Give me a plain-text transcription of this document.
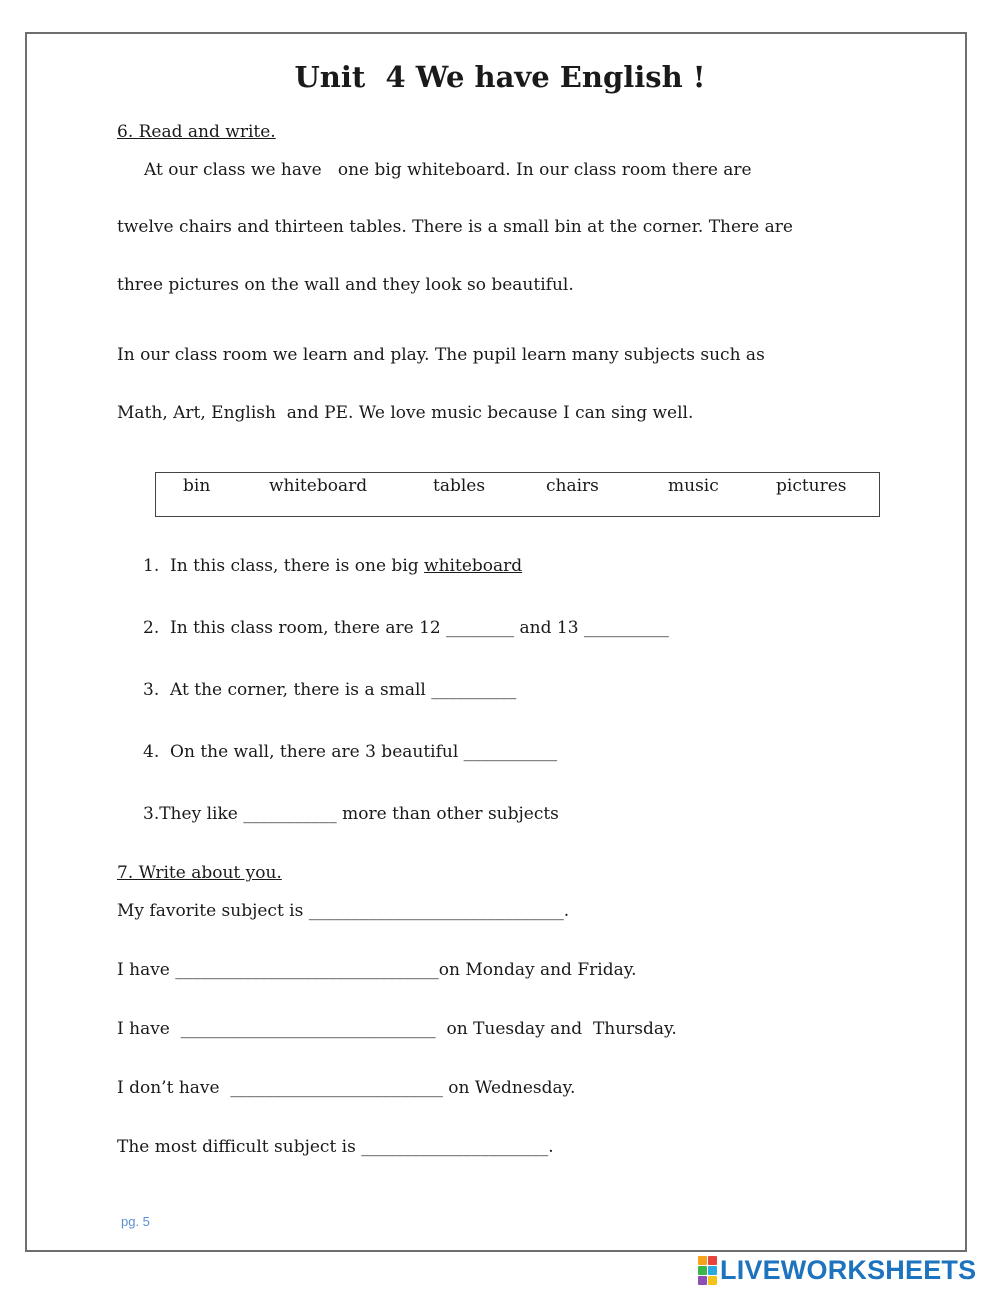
Unit  4 We have English !
6. Read and write.
At our class we have   one big whiteboard. In our class room there are
twelve chairs and thirteen tables. There is a small bin at the corner. There are
three pictures on the wall and they look so beautiful.
In our class room we learn and play. The pupil learn many subjects such as
Math, Art, English  and PE. We love music because I can sing well.
bin	whiteboard	tables	chairs	music	pictures
1.  In this class, there is one big whiteboard
2.  In this class room, there are 12 ________ and 13 __________
3.  At the corner, there is a small __________
4.  On the wall, there are 3 beautiful ___________
3.They like ___________ more than other subjects
7. Write about you.
My favorite subject is ______________________________.
I have _______________________________on Monday and Friday.
I have  ______________________________  on Tuesday and  Thursday.
I don’t have  _________________________ on Wednesday.
The most difficult subject is ______________________.
pg. 5
LIVEWORKSHEETS
